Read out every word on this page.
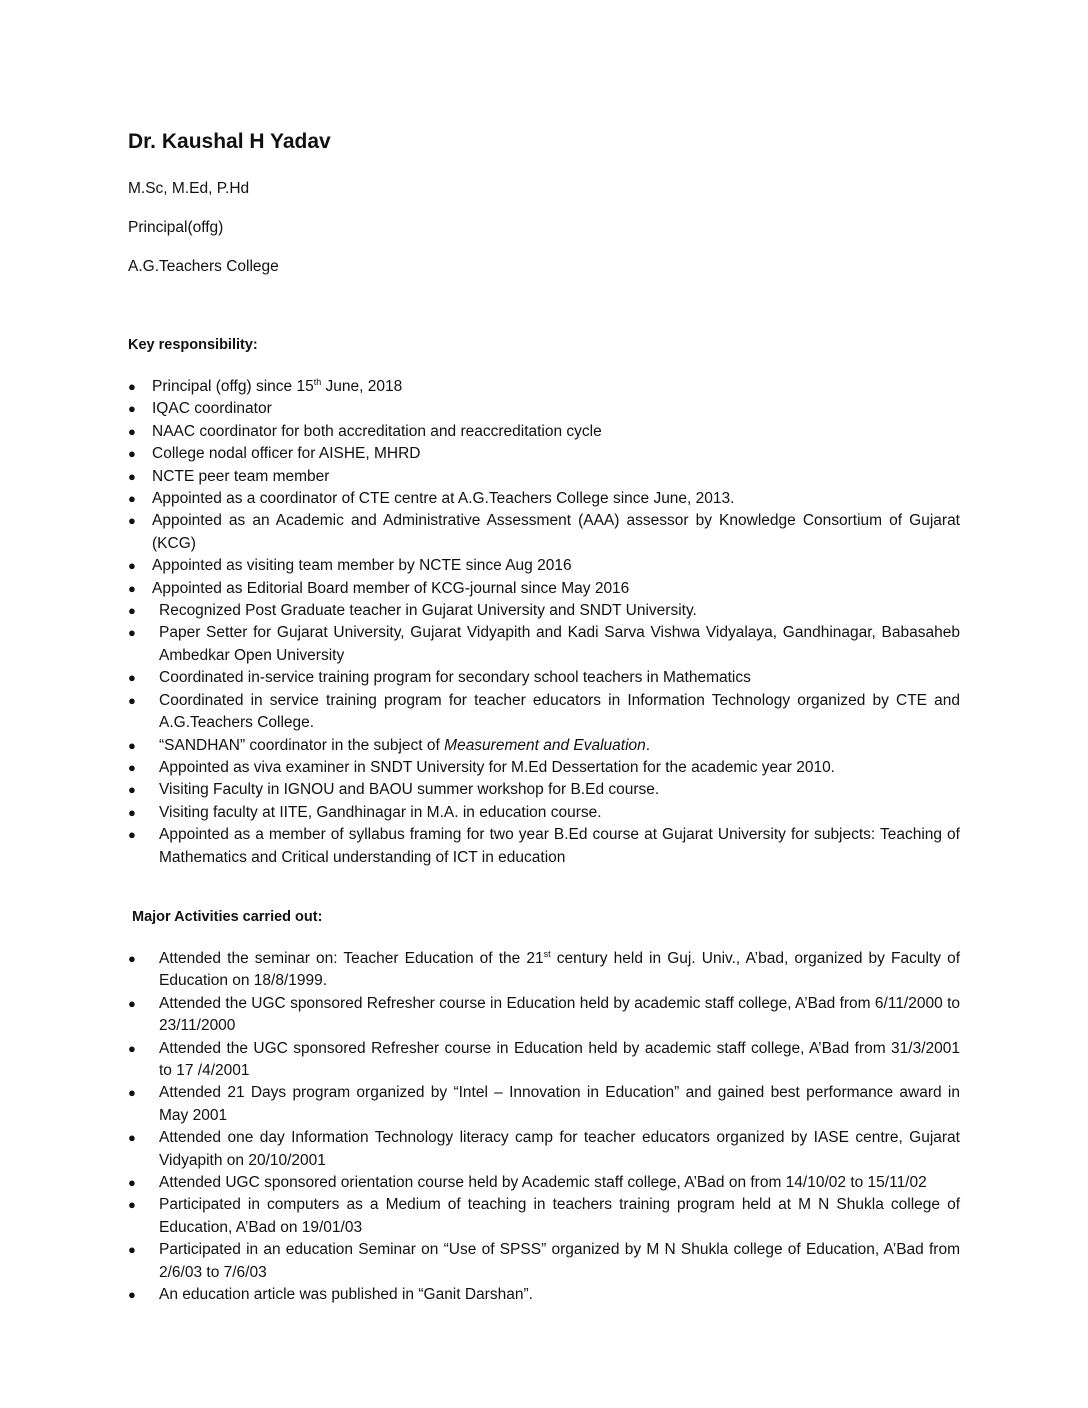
Dr. Kaushal H Yadav

M.Sc, M.Ed, P.Hd

Principal(offg)

A.G.Teachers College

Key responsibility:

● Principal (offg) since 15th June, 2018
● IQAC coordinator
● NAAC coordinator for both accreditation and reaccreditation cycle
● College nodal officer for AISHE, MHRD
● NCTE peer team member
● Appointed as a coordinator of CTE centre at A.G.Teachers College since June, 2013.
● Appointed as an Academic and Administrative Assessment (AAA) assessor by Knowledge Consortium of Gujarat (KCG)
● Appointed as visiting team member by NCTE since Aug 2016
● Appointed as Editorial Board member of KCG-journal since May 2016
● Recognized Post Graduate teacher in Gujarat University and SNDT University.
● Paper Setter for Gujarat University, Gujarat Vidyapith and Kadi Sarva Vishwa Vidyalaya, Gandhinagar, Babasaheb Ambedkar Open University
● Coordinated in-service training program for secondary school teachers in Mathematics
● Coordinated in service training program for teacher educators in Information Technology organized by CTE and A.G.Teachers College.
● “SANDHAN” coordinator in the subject of Measurement and Evaluation.
● Appointed as viva examiner in SNDT University for M.Ed Dessertation for the academic year 2010.
● Visiting Faculty in IGNOU and BAOU summer workshop for B.Ed course.
● Visiting faculty at IITE, Gandhinagar in M.A. in education course.
● Appointed as a member of syllabus framing for two year B.Ed course at Gujarat University for subjects: Teaching of Mathematics and Critical understanding of ICT in education

Major Activities carried out:

● Attended the seminar on: Teacher Education of the 21st century held in Guj. Univ., A’bad, organized by Faculty of Education on 18/8/1999.
● Attended the UGC sponsored Refresher course in Education held by academic staff college, A’Bad from 6/11/2000 to 23/11/2000
● Attended the UGC sponsored Refresher course in Education held by academic staff college, A’Bad from 31/3/2001 to 17 /4/2001
● Attended 21 Days program organized by “Intel – Innovation in Education” and gained best performance award in May 2001
● Attended one day Information Technology literacy camp for teacher educators organized by IASE centre, Gujarat Vidyapith on 20/10/2001
● Attended UGC sponsored orientation course held by Academic staff college, A’Bad on from 14/10/02 to 15/11/02
● Participated in computers as a Medium of teaching in teachers training program held at M N Shukla college of Education, A’Bad on 19/01/03
● Participated in an education Seminar on “Use of SPSS” organized by M N Shukla college of Education, A’Bad from 2/6/03 to 7/6/03
● An education article was published in “Ganit Darshan”.
